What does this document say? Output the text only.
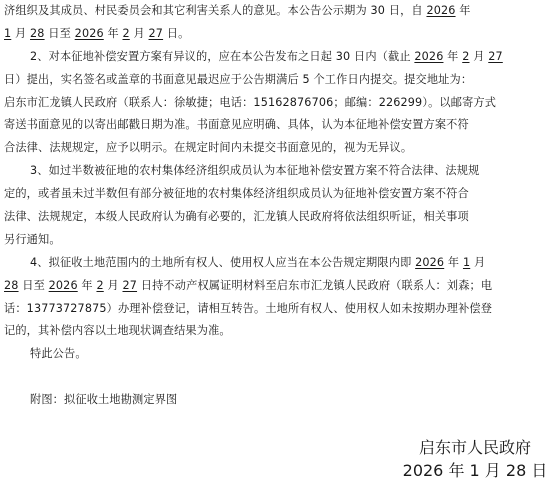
济组织及其成员、村民委员会和其它利害关系人的意见。本公告公示期为 30 日，自 2026 年
1 月 28 日至 2026 年 2 月 27 日。
2、对本征地补偿安置方案有异议的，应在本公告发布之日起 30 日内（截止 2026 年 2 月 27
日）提出，实名签名或盖章的书面意见最迟应于公告期满后 5 个工作日内提交。提交地址为：
启东市汇龙镇人民政府（联系人：徐敏捷；电话：15162876706；邮编：226299）。以邮寄方式
寄送书面意见的以寄出邮戳日期为准。书面意见应明确、具体，认为本征地补偿安置方案不符
合法律、法规规定，应予以明示。在规定时间内未提交书面意见的，视为无异议。
3、如过半数被征地的农村集体经济组织成员认为本征地补偿安置方案不符合法律、法规规
定的，或者虽未过半数但有部分被征地的农村集体经济组织成员认为征地补偿安置方案不符合
法律、法规规定，本级人民政府认为确有必要的，汇龙镇人民政府将依法组织听证，相关事项
另行通知。
4、拟征收土地范围内的土地所有权人、使用权人应当在本公告规定期限内即 2026 年 1 月
28 日至 2026 年 2 月 27 日持不动产权属证明材料至启东市汇龙镇人民政府（联系人：刘森；电
话：13773727875）办理补偿登记，请相互转告。土地所有权人、使用权人如未按期办理补偿登
记的，其补偿内容以土地现状调查结果为准。
特此公告。
附图：拟征收土地勘测定界图
启东市人民政府
2026 年 1 月 28 日
